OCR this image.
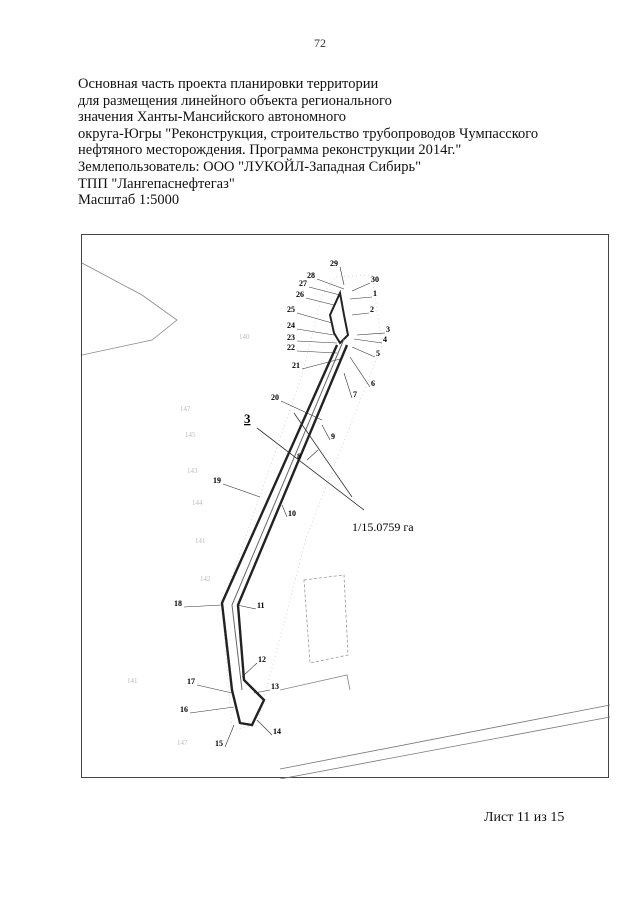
72
Основная часть проекта планировки территории
для размещения линейного объекта регионального
значения Ханты-Мансийского автономного
округа-Югры "Реконструкция, строительство трубопроводов Чумпасского
нефтяного месторождения. Программа реконструкции 2014г."
Землепользователь: ООО "ЛУКОЙЛ-Западная Сибирь"
ТПП "Лангепаснефтегаз"
Масштаб 1:5000
3
1/15.0759 га
140
147
145
143
144
141
142
141
147
1
2
3
4
5
6
7
8
9
10
11
12
13
14
15
16
17
18
19
20
21
22
23
24
25
26
27
28
29
30
Лист 11 из 15
